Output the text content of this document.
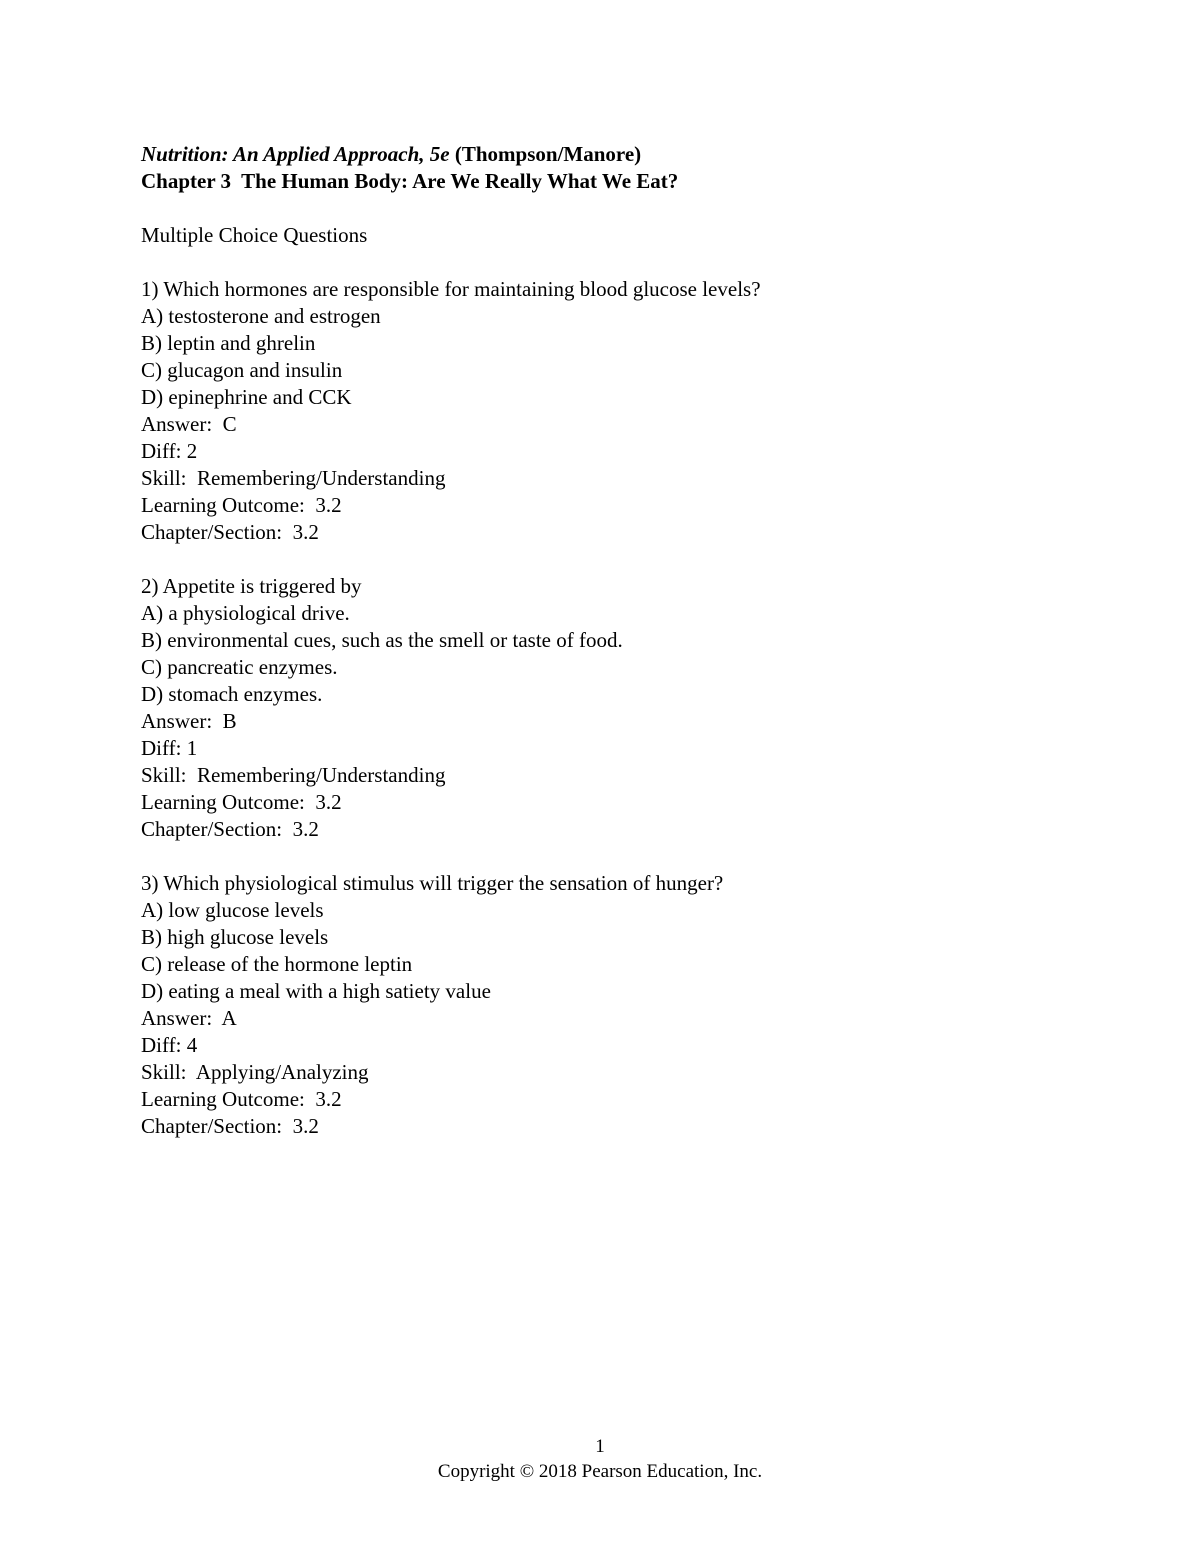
Nutrition: An Applied Approach, 5e (Thompson/Manore)
Chapter 3  The Human Body: Are We Really What We Eat?
Multiple Choice Questions
1) Which hormones are responsible for maintaining blood glucose levels?
A) testosterone and estrogen
B) leptin and ghrelin
C) glucagon and insulin
D) epinephrine and CCK
Answer:  C
Diff: 2
Skill:  Remembering/Understanding
Learning Outcome:  3.2
Chapter/Section:  3.2
2) Appetite is triggered by
A) a physiological drive.
B) environmental cues, such as the smell or taste of food.
C) pancreatic enzymes.
D) stomach enzymes.
Answer:  B
Diff: 1
Skill:  Remembering/Understanding
Learning Outcome:  3.2
Chapter/Section:  3.2
3) Which physiological stimulus will trigger the sensation of hunger?
A) low glucose levels
B) high glucose levels
C) release of the hormone leptin
D) eating a meal with a high satiety value
Answer:  A
Diff: 4
Skill:  Applying/Analyzing
Learning Outcome:  3.2
Chapter/Section:  3.2
1
Copyright © 2018 Pearson Education, Inc.
